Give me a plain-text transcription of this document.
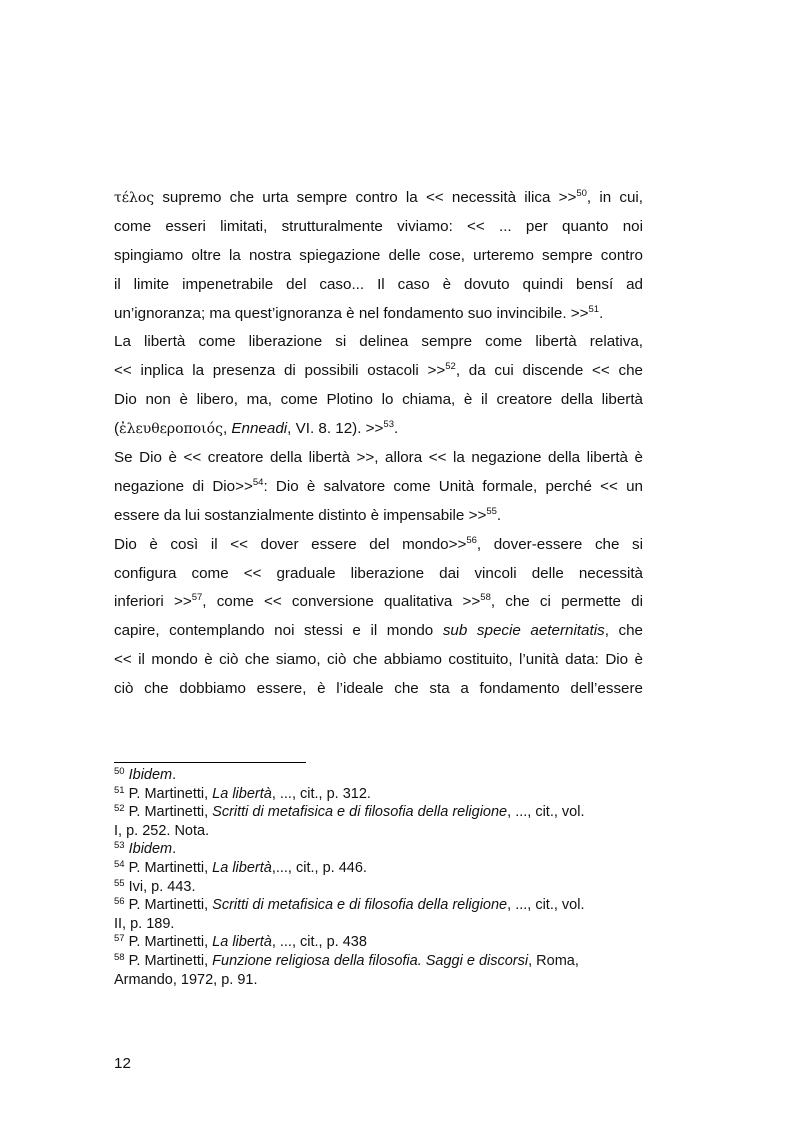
τέλος supremo che urta sempre contro la << necessità ilica >>$^{50}$, in cui,
come esseri limitati, strutturalmente viviamo: << ... per quanto noi
spingiamo oltre la nostra spiegazione delle cose, urteremo sempre contro
il limite impenetrabile del caso... Il caso è dovuto quindi bensí ad
un’ignoranza; ma quest’ignoranza è nel fondamento suo invincibile. >>$^{51}$.
La libertà come liberazione si delinea sempre come libertà relativa,
<< inplica la presenza di possibili ostacoli >>$^{52}$, da cui discende << che
Dio non è libero, ma, come Plotino lo chiama, è il creatore della libertà
(ἐλευθεροποιός, Enneadi, VI. 8. 12). >>$^{53}$.
Se Dio è << creatore della libertà >>, allora << la negazione della libertà è
negazione di Dio>>$^{54}$: Dio è salvatore come Unità formale, perché << un
essere da lui sostanzialmente distinto è impensabile >>$^{55}$.
Dio è così il << dover essere del mondo>>$^{56}$, dover-essere che si
configura come << graduale liberazione dai vincoli delle necessità
inferiori >>$^{57}$, come << conversione qualitativa >>$^{58}$, che ci permette di
capire, contemplando noi stessi e il mondo sub specie aeternitatis, che
<< il mondo è ciò che siamo, ciò che abbiamo costituito, l’unità data: Dio è
ciò che dobbiamo essere, è l’ideale che sta a fondamento dell’essere
$^{50}$ Ibidem.
$^{51}$ P. Martinetti, La libertà, ..., cit., p. 312.
$^{52}$ P. Martinetti, Scritti di metafisica e di filosofia della religione, ..., cit., vol.
I, p. 252. Nota.
$^{53}$ Ibidem.
$^{54}$ P. Martinetti, La libertà,..., cit., p. 446.
$^{55}$ Ivi, p. 443.
$^{56}$ P. Martinetti, Scritti di metafisica e di filosofia della religione, ..., cit., vol.
II, p. 189.
$^{57}$ P. Martinetti, La libertà, ..., cit., p. 438
$^{58}$ P. Martinetti, Funzione religiosa della filosofia. Saggi e discorsi, Roma,
Armando, 1972, p. 91.
12
